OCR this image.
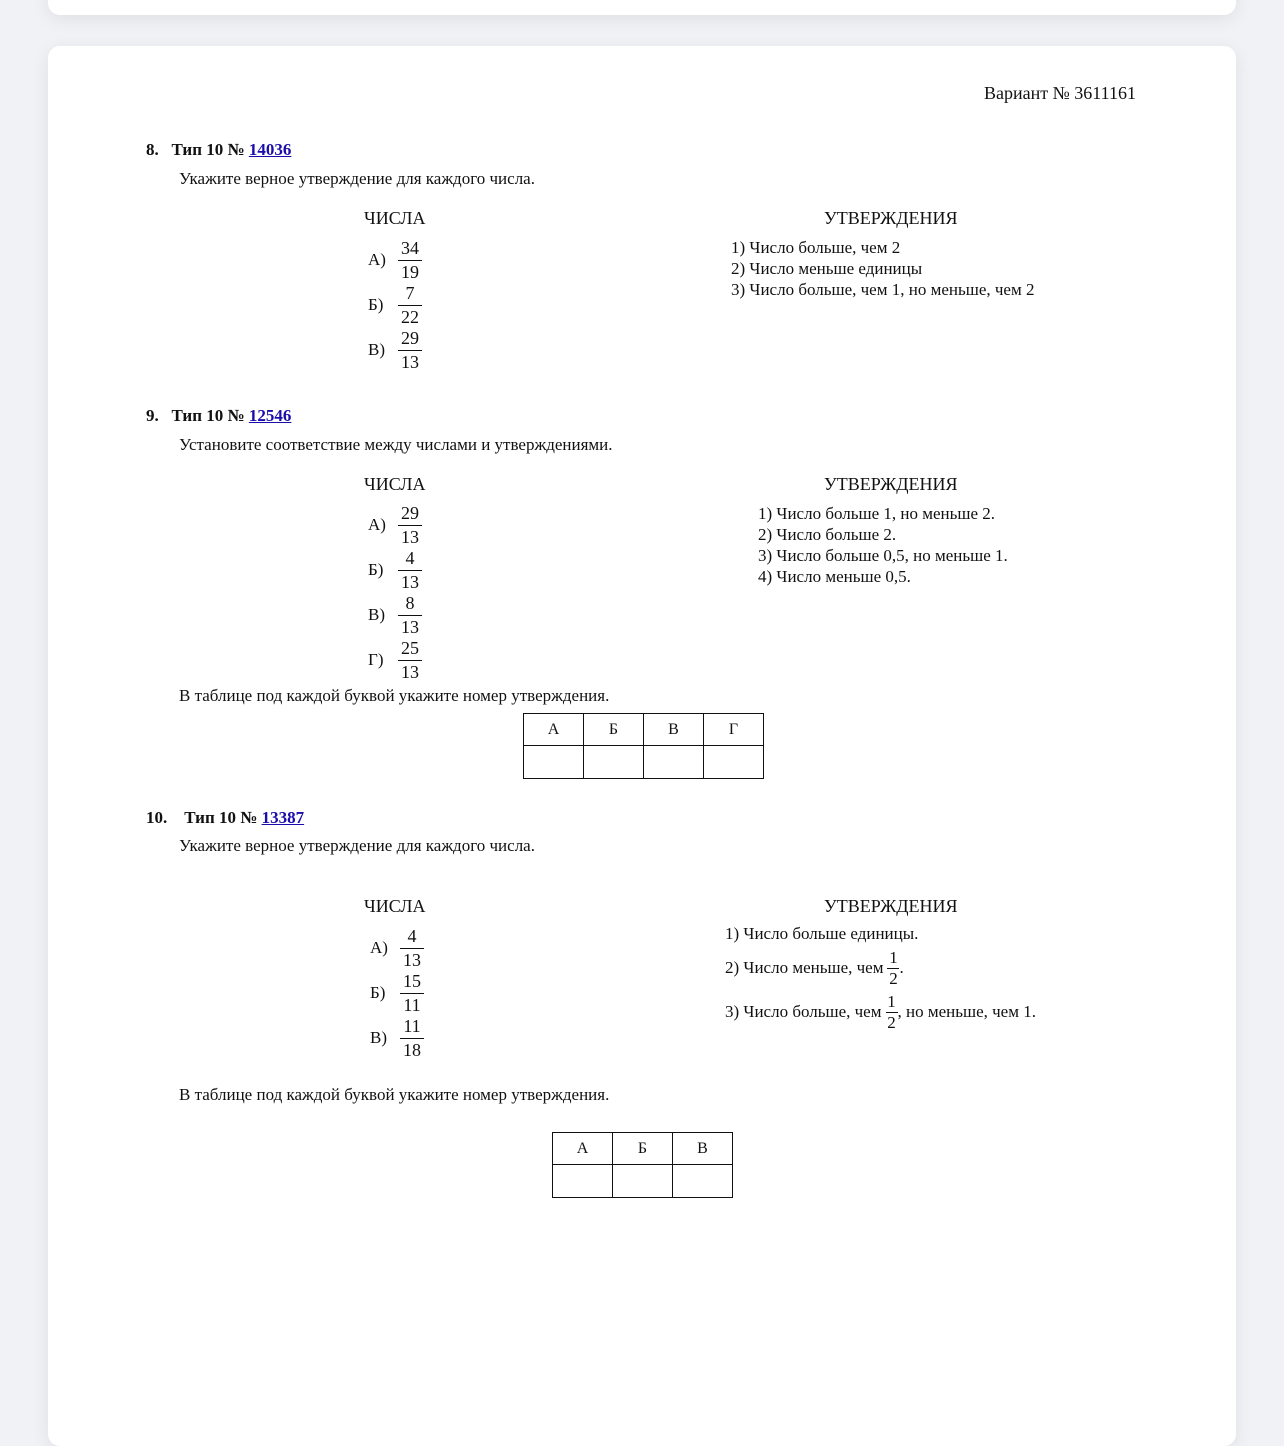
Вариант № 3611161
8. Тип 10 № 14036
Укажите верное утверждение для каждого числа.
ЧИСЛА	УТВЕРЖДЕНИЯ
$А) \frac{34}{19}$
$Б) \frac{7}{22}$
$В) \frac{29}{13}$
1) Число больше, чем 2
2) Число меньше единицы
3) Число больше, чем 1, но меньше, чем 2
9. Тип 10 № 12546
Установите соответствие между числами и утверждениями.
ЧИСЛА	УТВЕРЖДЕНИЯ
$А) \frac{29}{13}$
$Б) \frac{4}{13}$
$В) \frac{8}{13}$
$Г) \frac{25}{13}$
1) Число больше 1, но меньше 2.
2) Число больше 2.
3) Число больше 0,5, но меньше 1.
4) Число меньше 0,5.
В таблице под каждой буквой укажите номер утверждения.
А	Б	В	Г

10. Тип 10 № 13387
Укажите верное утверждение для каждого числа.
ЧИСЛА	УТВЕРЖДЕНИЯ
$А) \frac{4}{13}$
$Б) \frac{15}{11}$
$В) \frac{11}{18}$
1) Число больше единицы.
2) Число меньше, чем $\frac{1}{2}$ .
3) Число больше, чем $\frac{1}{2}$ , но меньше, чем 1.
В таблице под каждой буквой укажите номер утверждения.
А	Б	В
